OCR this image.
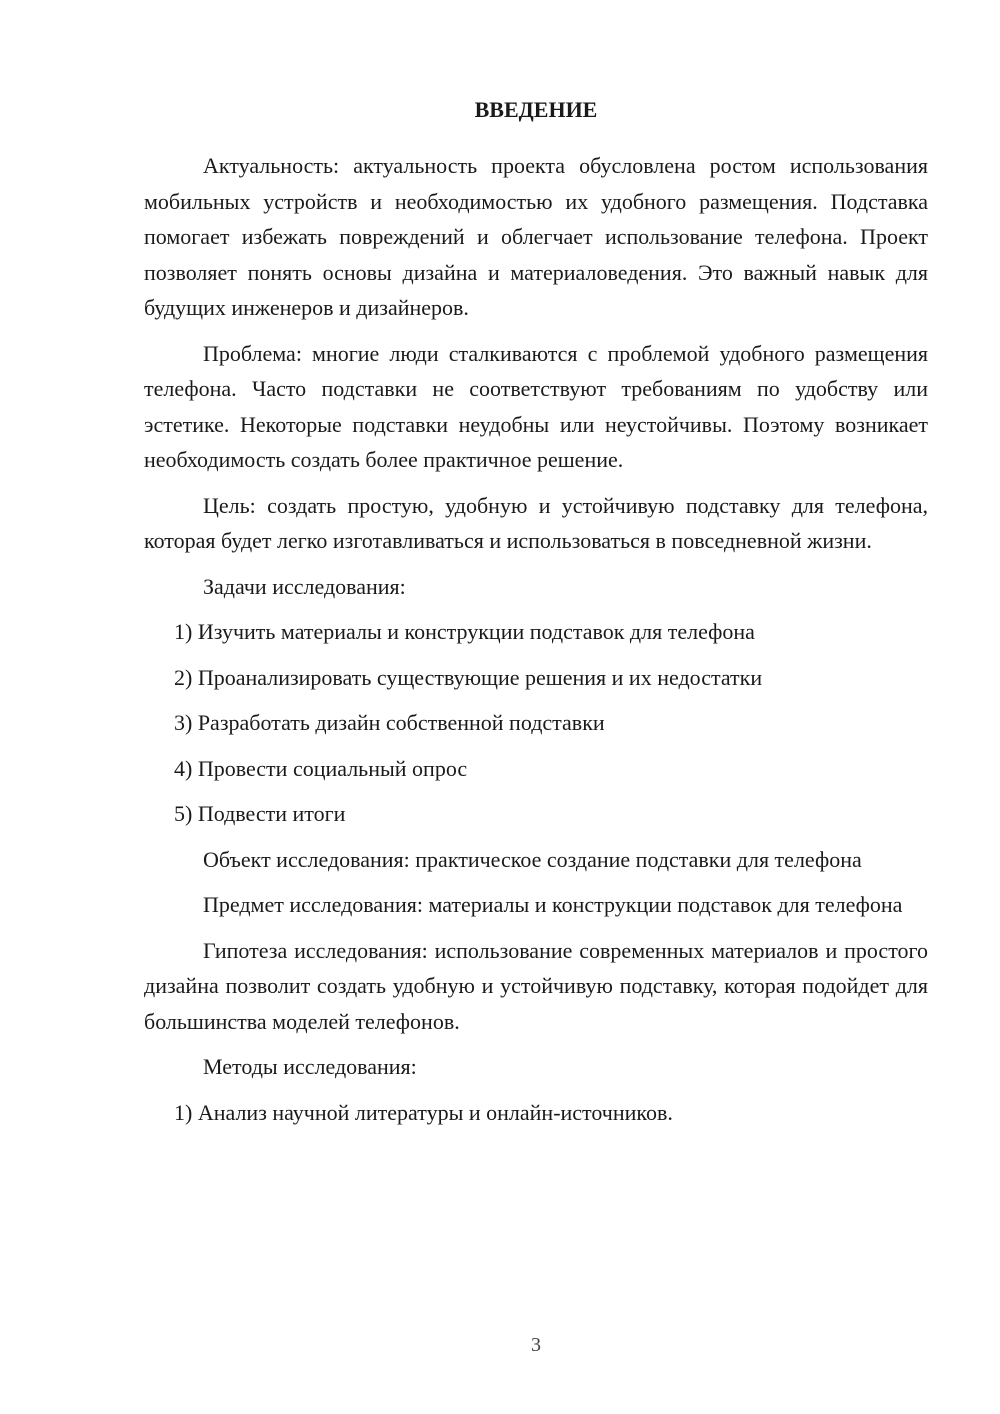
ВВЕДЕНИЕ

Актуальность: актуальность проекта обусловлена ростом использования мобильных устройств и необходимостью их удобного размещения. Подставка помогает избежать повреждений и облегчает использование телефона. Проект позволяет понять основы дизайна и материаловедения. Это важный навык для будущих инженеров и дизайнеров.

Проблема: многие люди сталкиваются с проблемой удобного размещения телефона. Часто подставки не соответствуют требованиям по удобству или эстетике. Некоторые подставки неудобны или неустойчивы. Поэтому возникает необходимость создать более практичное решение.

Цель: создать простую, удобную и устойчивую подставку для телефона, которая будет легко изготавливаться и использоваться в повседневной жизни.

Задачи исследования:

1) Изучить материалы и конструкции подставок для телефона
2) Проанализировать существующие решения и их недостатки
3) Разработать дизайн собственной подставки
4) Провести социальный опрос
5) Подвести итоги

Объект исследования: практическое создание подставки для телефона

Предмет исследования: материалы и конструкции подставок для телефона

Гипотеза исследования: использование современных материалов и простого дизайна позволит создать удобную и устойчивую подставку, которая подойдет для большинства моделей телефонов.

Методы исследования:

1) Анализ научной литературы и онлайн-источников.
3
